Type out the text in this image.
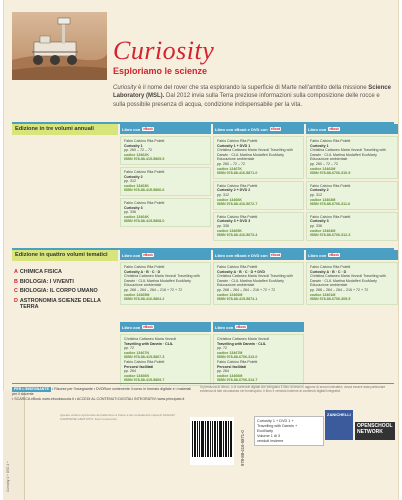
Curiosity
Esploriamo le scienze
Curiosity è il nome del rover che sta esplorando la superficie di Marte nell'ambito della missione Science Laboratory (MSL). Dal 2012 invia sulla Terra preziose informazioni sulla composizione delle rocce e sulla possibile presenza di acqua, condizione indispensabile per la vita.
Edizione in tre volumi annuali	Libro con eBook
Fabio Calvino Rita Poletti
Curiosity 1
pp. 260 – 72 – 72
codice 13462K
ISBN 978-88-415-5865-9
Fabio Calvino Rita Poletti
Curiosity 2
pp. 312
codice 13463K
ISBN 978-88-415-5866-6
Fabio Calvino Rita Poletti
Curiosity 3
pp. 336
codice 13464K
ISBN 978-88-415-5868-0
Libro con eBook e DVD con eBook
Fabio Calvino Rita Poletti
Curiosity 1 + DVD 1
Christina Cattaneo Maria Vezzoli Travelling with Darwin · CLIL Martina Modafferi EcoMarty Educazione ambientale
pp. 260 – 72 – 72
codice 12467K
ISBN 978-88-416-5871-0
Fabio Calvino Rita Poletti
Curiosity 2 + DVD 2
pp. 312
codice 13466K
ISBN 978-88-416-5672-7
Fabio Calvino Rita Poletti
Curiosity 3 + DVD 3
pp. 336
codice 13469K
ISBN 978-88-416-5673-4
Libro con eBook
Fabio Calvino Rita Poletti
Curiosity 1
Christina Cattaneo Maria Vezzoli Travelling with Darwin · CLIL Martina Modafferi EcoMarty Educazione ambientale
pp. 260 – 72 – 72
codice 13462M
ISBN 978-88-6706-310-9
Fabio Calvino Rita Poletti
Curiosity 2
pp. 312
codice 13463M
ISBN 978-88-6706-311-6
Fabio Calvino Rita Poletti
Curiosity 3
pp. 336
codice 13464M
ISBN 978-88-6706-312-3
Edizione in quattro volumi tematici
A CHIMICA FISICA
B BIOLOGIA: I VIVENTI
C BIOLOGIA: IL CORPO UMANO
D ASTRONOMIA SCIENZE DELLA TERRA
Libro con eBook
Fabio Calvino Rita Poletti
Curiosity A · B · C · D
Christina Cattaneo Maria Vezzoli Travelling with Darwin · CLIL Martina Modafferi EcoMarty Educazione ambientale
pp. 268 – 264 – 264 – 216 + 72 + 72
codice 13465M
ISBN 978-88-416-5864-2
Libro con eBook e DVD con eBook
Fabio Calvino Rita Poletti
Curiosity A · B · C · D + DVD
Christina Cattaneo Maria Vezzoli Travelling with Darwin · CLIL Martina Modafferi EcoMarty Educazione ambientale
pp. 268 – 264 – 264 – 216 + 72 + 72
codice 12466M
ISBN 978-88-415-5874-1
Libro con eBook
Fabio Calvino Rita Poletti
Curiosity A · B · C · D
Christina Cattaneo Maria Vezzoli Travelling with Darwin · CLIL Martina Modafferi EcoMarty Educazione ambientale
pp. 268 – 264 – 264 – 216 + 72 + 72
codice 13461M
ISBN 978-88-6706-305-5
Libro con eBook
Christina Cattaneo Maria Vezzoli
Travelling with Darwin · CLIL
pp. 72
codice 13467N
ISBN 978-88-415-5867-3
Fabio Calvino Rita Poletti
Percorsi facilitati
pp. 264
codice 13466N
ISBN 978-88-415-5869-7
Libro con eBook
Christina Cattaneo Maria Vezzoli
Travelling with Darwin · CLIL
pp. 72
codice 13467M
ISBN 978-88-6706-313-0
Fabio Calvino Rita Poletti
Percorsi facilitati
pp. 264
codice 13466M
ISBN 978-88-6706-314-7
PER L'INSEGNANTE • Risorse per l'insegnante • DVDRom contenente il corso in formato digitale e i materiali per il docente
• SCARICA eBook www.ebookscuola.it • ACCEDI AL CONTENUTI DIGITALI INTEGRATIVI www.principato.it
In presenza di rilievo, o di contenuti digitali che integrano il libro di testo in ragione di servizi interattivi, dovrà essere data particolare evidenza di tale circostanza nel frontespizio. Il libro è venduto insieme ai contenuti digitali integrativi.
Curiosity 1 + DVD 1 +
Questo volume sprovvisto del talloncino a fronte è da considerarsi copia di SAGGIO · CAMPIONE GRATUITO, fuori commercio.
978-88-416-5871-0
Curiosity 1 + DVD 1 +
Travelling with Darwin +
EcoMarty
Volume 1 di 3
venduti insieme
ZANICHELLI
OPENSCHOOL NETWORK
